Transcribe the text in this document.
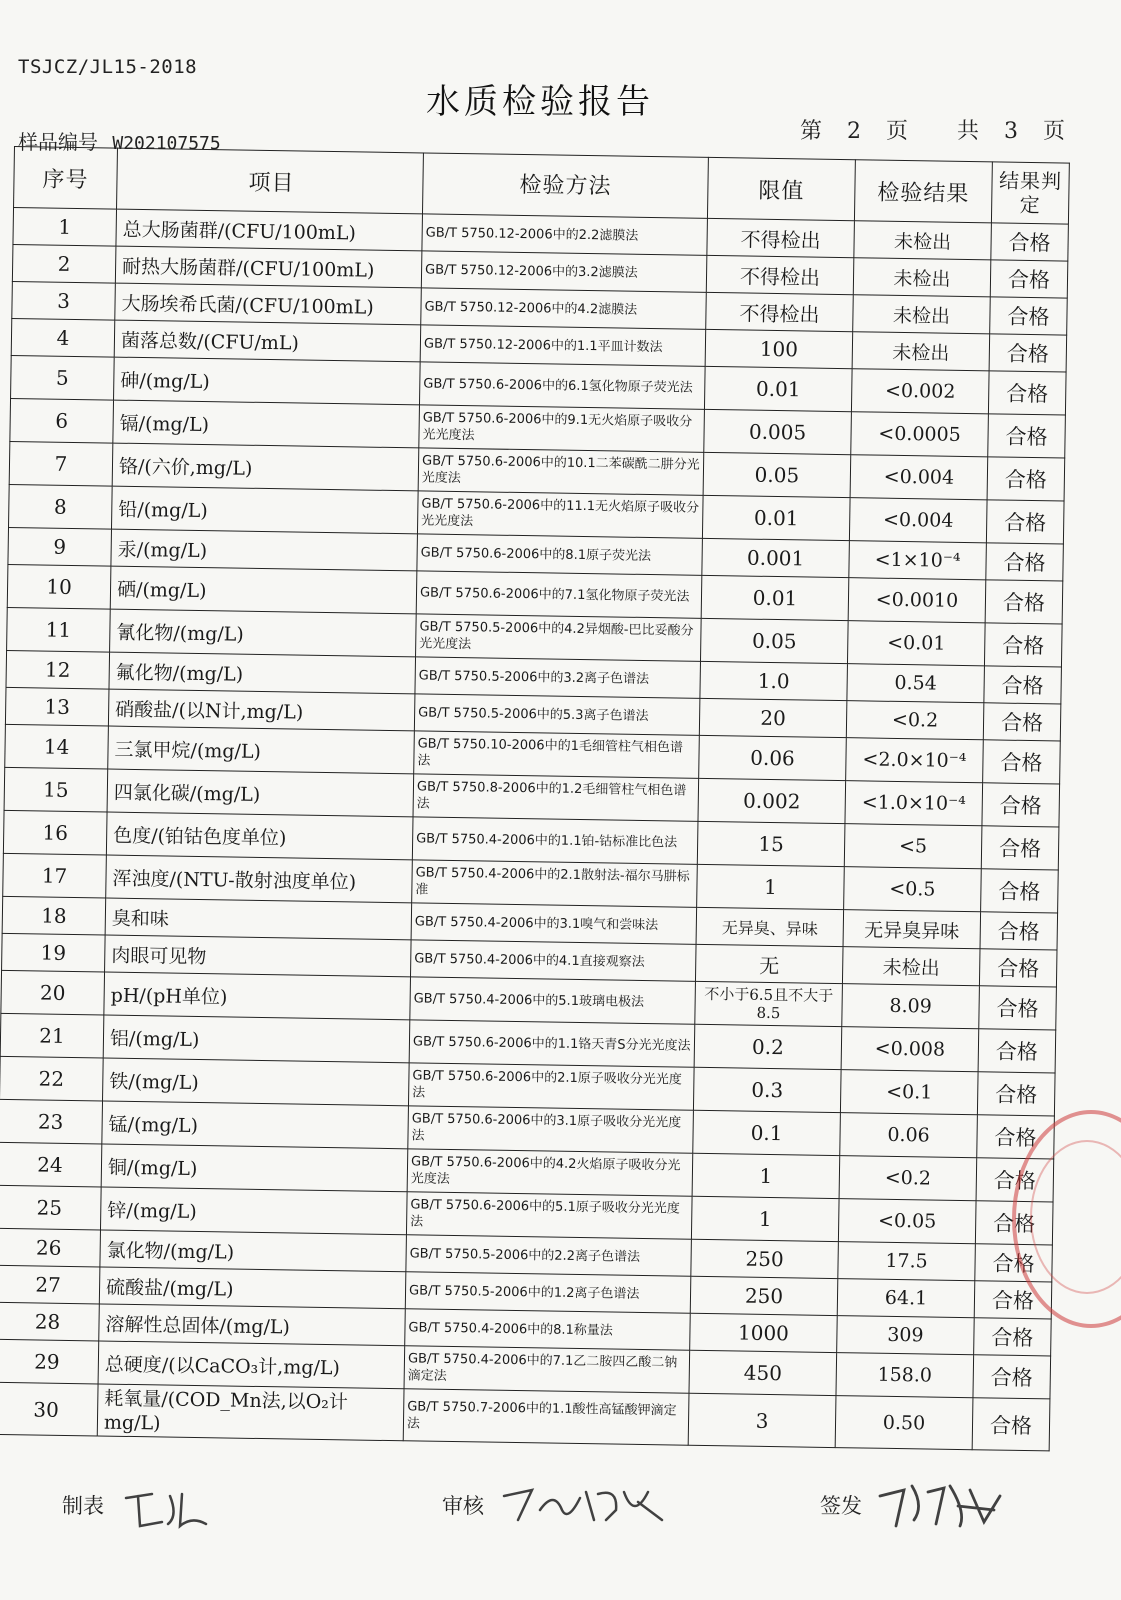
TSJCZ/JL15-2018
水质检验报告
样品编号 W202107575	第 2 页 共 3 页
序号	项目	检验方法	限值	检验结果	结果判定
1	总大肠菌群/(CFU/100mL)	GB/T 5750.12-2006中的2.2滤膜法	不得检出	未检出	合格
2	耐热大肠菌群/(CFU/100mL)	GB/T 5750.12-2006中的3.2滤膜法	不得检出	未检出	合格
3	大肠埃希氏菌/(CFU/100mL)	GB/T 5750.12-2006中的4.2滤膜法	不得检出	未检出	合格
4	菌落总数/(CFU/mL)	GB/T 5750.12-2006中的1.1平皿计数法	100	未检出	合格
5	砷/(mg/L)	GB/T 5750.6-2006中的6.1氢化物原子荧光法	0.01	<0.002	合格
6	镉/(mg/L)	GB/T 5750.6-2006中的9.1无火焰原子吸收分光光度法	0.005	<0.0005	合格
7	铬/(六价,mg/L)	GB/T 5750.6-2006中的10.1二苯碳酰二肼分光光度法	0.05	<0.004	合格
8	铅/(mg/L)	GB/T 5750.6-2006中的11.1无火焰原子吸收分光光度法	0.01	<0.004	合格
9	汞/(mg/L)	GB/T 5750.6-2006中的8.1原子荧光法	0.001	<1×10⁻⁴	合格
10	硒/(mg/L)	GB/T 5750.6-2006中的7.1氢化物原子荧光法	0.01	<0.0010	合格
11	氰化物/(mg/L)	GB/T 5750.5-2006中的4.2异烟酸-巴比妥酸分光光度法	0.05	<0.01	合格
12	氟化物/(mg/L)	GB/T 5750.5-2006中的3.2离子色谱法	1.0	0.54	合格
13	硝酸盐/(以N计,mg/L)	GB/T 5750.5-2006中的5.3离子色谱法	20	<0.2	合格
14	三氯甲烷/(mg/L)	GB/T 5750.10-2006中的1毛细管柱气相色谱法	0.06	<2.0×10⁻⁴	合格
15	四氯化碳/(mg/L)	GB/T 5750.8-2006中的1.2毛细管柱气相色谱法	0.002	<1.0×10⁻⁴	合格
16	色度/(铂钴色度单位)	GB/T 5750.4-2006中的1.1铂-钴标准比色法	15	<5	合格
17	浑浊度/(NTU-散射浊度单位)	GB/T 5750.4-2006中的2.1散射法-福尔马肼标准	1	<0.5	合格
18	臭和味	GB/T 5750.4-2006中的3.1嗅气和尝味法	无异臭、异味	无异臭异味	合格
19	肉眼可见物	GB/T 5750.4-2006中的4.1直接观察法	无	未检出	合格
20	pH/(pH单位)	GB/T 5750.4-2006中的5.1玻璃电极法	不小于6.5且不大于8.5	8.09	合格
21	铝/(mg/L)	GB/T 5750.6-2006中的1.1铬天青S分光光度法	0.2	<0.008	合格
22	铁/(mg/L)	GB/T 5750.6-2006中的2.1原子吸收分光光度法	0.3	<0.1	合格
23	锰/(mg/L)	GB/T 5750.6-2006中的3.1原子吸收分光光度法	0.1	0.06	合格
24	铜/(mg/L)	GB/T 5750.6-2006中的4.2火焰原子吸收分光光度法	1	<0.2	合格
25	锌/(mg/L)	GB/T 5750.6-2006中的5.1原子吸收分光光度法	1	<0.05	合格
26	氯化物/(mg/L)	GB/T 5750.5-2006中的2.2离子色谱法	250	17.5	合格
27	硫酸盐/(mg/L)	GB/T 5750.5-2006中的1.2离子色谱法	250	64.1	合格
28	溶解性总固体/(mg/L)	GB/T 5750.4-2006中的8.1称量法	1000	309	合格
29	总硬度/(以CaCO₃计,mg/L)	GB/T 5750.4-2006中的7.1乙二胺四乙酸二钠滴定法	450	158.0	合格
30	耗氧量/(COD_Mn法,以O₂计mg/L)	GB/T 5750.7-2006中的1.1酸性高锰酸钾滴定法	3	0.50	合格
制表	审核	签发
